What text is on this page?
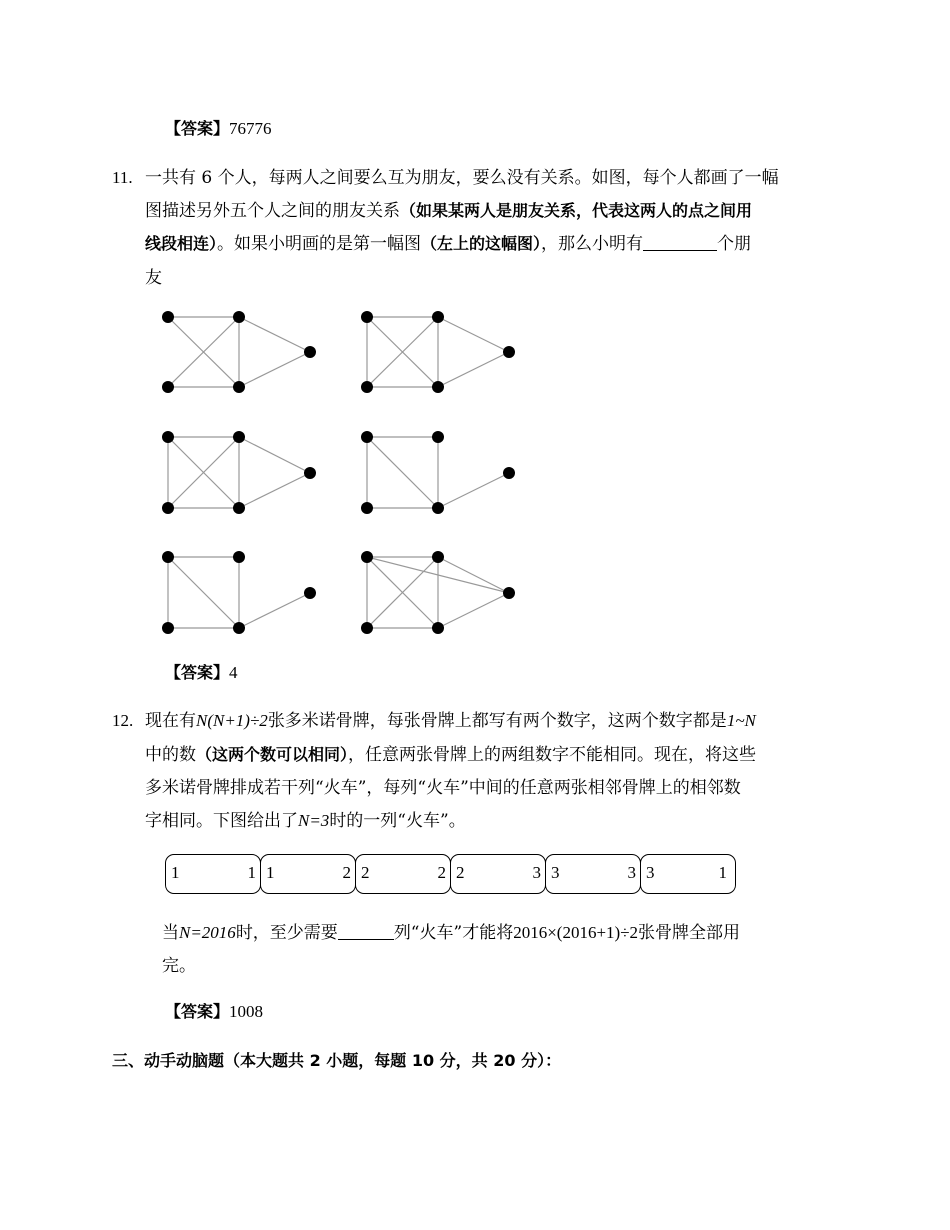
【答案】76776
11. 一共有 6 个人，每两人之间要么互为朋友，要么没有关系。如图，每个人都画了一幅
图描述另外五个人之间的朋友关系（如果某两人是朋友关系，代表这两人的点之间用
线段相连）。如果小明画的是第一幅图（左上的这幅图），那么小明有	个朋
友
【答案】4
12. 现在有N(N+1)÷2张多米诺骨牌，每张骨牌上都写有两个数字，这两个数字都是1~N
中的数（这两个数可以相同），任意两张骨牌上的两组数字不能相同。现在，将这些
多米诺骨牌排成若干列“火车”，每列“火车”中间的任意两张相邻骨牌上的相邻数
字相同。下图给出了N=3时的一列“火车”。
1	1 1	2 2	2 2	3 3	3 3	1
当N=2016时，至少需要	列“火车”才能将2016×(2016+1)÷2张骨牌全部用
完。
【答案】1008
三、动手动脑题（本大题共 2 小题，每题 10 分，共 20 分）：
